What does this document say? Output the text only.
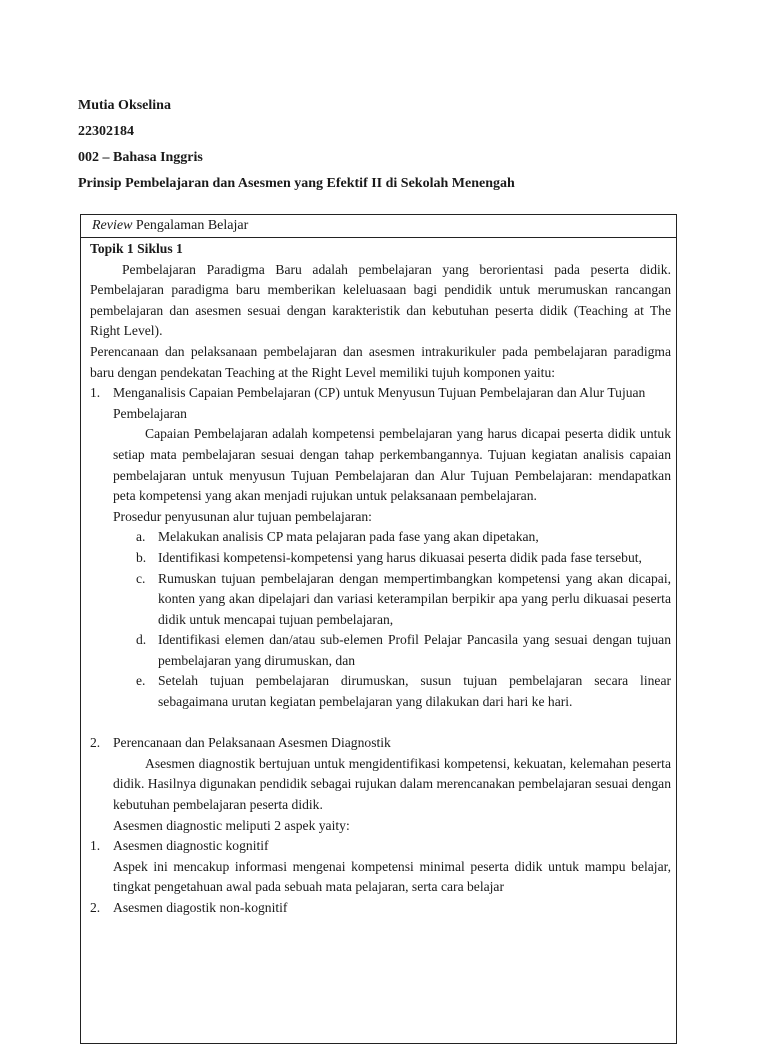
Mutia Okselina
22302184
002 – Bahasa Inggris
Prinsip Pembelajaran dan Asesmen yang Efektif II di Sekolah Menengah
Review Pengalaman Belajar
Topik 1 Siklus 1
Pembelajaran Paradigma Baru adalah pembelajaran yang berorientasi pada peserta didik. Pembelajaran paradigma baru memberikan keleluasaan bagi pendidik untuk merumuskan rancangan pembelajaran dan asesmen sesuai dengan karakteristik dan kebutuhan peserta didik (Teaching at The Right Level).
Perencanaan dan pelaksanaan pembelajaran dan asesmen intrakurikuler pada pembelajaran paradigma baru dengan pendekatan Teaching at the Right Level memiliki tujuh komponen yaitu:
1. Menganalisis Capaian Pembelajaran (CP) untuk Menyusun Tujuan Pembelajaran dan Alur Tujuan Pembelajaran
Capaian Pembelajaran adalah kompetensi pembelajaran yang harus dicapai peserta didik untuk setiap mata pembelajaran sesuai dengan tahap perkembangannya. Tujuan kegiatan analisis capaian pembelajaran untuk menyusun Tujuan Pembelajaran dan Alur Tujuan Pembelajaran: mendapatkan peta kompetensi yang akan menjadi rujukan untuk pelaksanaan pembelajaran.
Prosedur penyusunan alur tujuan pembelajaran:
a. Melakukan analisis CP mata pelajaran pada fase yang akan dipetakan,
b. Identifikasi kompetensi-kompetensi yang harus dikuasai peserta didik pada fase tersebut,
c. Rumuskan tujuan pembelajaran dengan mempertimbangkan kompetensi yang akan dicapai, konten yang akan dipelajari dan variasi keterampilan berpikir apa yang perlu dikuasai peserta didik untuk mencapai tujuan pembelajaran,
d. Identifikasi elemen dan/atau sub-elemen Profil Pelajar Pancasila yang sesuai dengan tujuan pembelajaran yang dirumuskan, dan
e. Setelah tujuan pembelajaran dirumuskan, susun tujuan pembelajaran secara linear sebagaimana urutan kegiatan pembelajaran yang dilakukan dari hari ke hari.
2. Perencanaan dan Pelaksanaan Asesmen Diagnostik
Asesmen diagnostik bertujuan untuk mengidentifikasi kompetensi, kekuatan, kelemahan peserta didik. Hasilnya digunakan pendidik sebagai rujukan dalam merencanakan pembelajaran sesuai dengan kebutuhan pembelajaran peserta didik.
Asesmen diagnostic meliputi 2 aspek yaity:
1. Asesmen diagnostic kognitif
Aspek ini mencakup informasi mengenai kompetensi minimal peserta didik untuk mampu belajar, tingkat pengetahuan awal pada sebuah mata pelajaran, serta cara belajar
2. Asesmen diagostik non-kognitif
